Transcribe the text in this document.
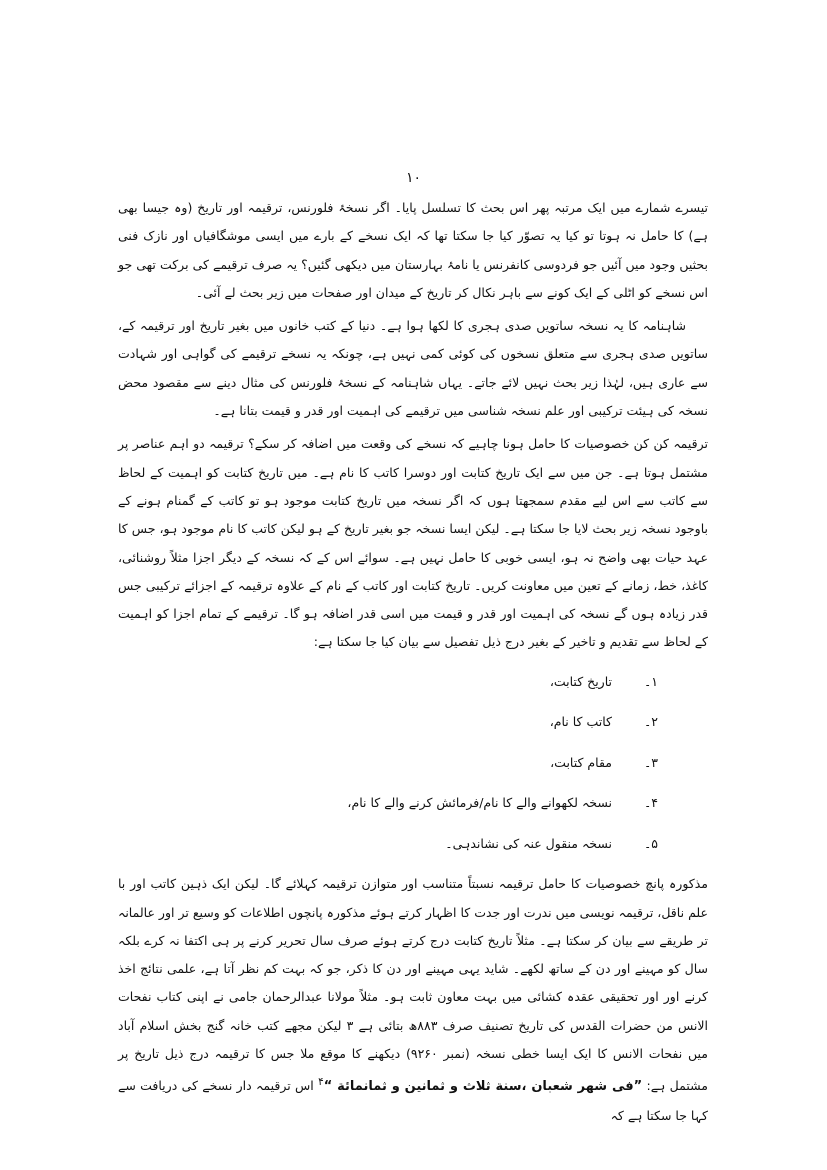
۱۰

تیسرے شمارے میں ایک مرتبہ پھر اس بحث کا تسلسل پایا۔ اگر نسخۂ فلورنس، ترقیمہ اور تاریخ (وہ جیسا بھی ہے) کا حامل نہ ہوتا تو کیا یہ تصوّر کیا جا سکتا تھا کہ ایک نسخے کے بارے میں ایسی موشگافیاں اور نازک فنی بحثیں وجود میں آئیں جو فردوسی کانفرنس یا نامۂ بہارستان میں دیکھی گئیں؟ یہ صرف ترقیمے کی برکت تھی جو اس نسخے کو اٹلی کے ایک کونے سے باہر نکال کر تاریخ کے میدان اور صفحات میں زیر بحث لے آئی۔

شاہنامہ کا یہ نسخہ ساتویں صدی ہجری کا لکھا ہوا ہے۔ دنیا کے کتب خانوں میں بغیر تاریخ اور ترقیمہ کے، ساتویں صدی ہجری سے متعلق نسخوں کی کوئی کمی نہیں ہے، چونکہ یہ نسخے ترقیمے کی گواہی اور شہادت سے عاری ہیں، لہٰذا زیر بحث نہیں لائے جاتے۔ یہاں شاہنامہ کے نسخۂ فلورنس کی مثال دینے سے مقصود محض نسخہ کی ہیئت ترکیبی اور علم نسخہ شناسی میں ترقیمے کی اہمیت اور قدر و قیمت بتانا ہے۔

ترقیمہ کن کن خصوصیات کا حامل ہونا چاہیے کہ نسخے کی وقعت میں اضافہ کر سکے؟ ترقیمہ دو اہم عناصر پر مشتمل ہوتا ہے۔ جن میں سے ایک تاریخ کتابت اور دوسرا کاتب کا نام ہے۔ میں تاریخ کتابت کو اہمیت کے لحاظ سے کاتب سے اس لیے مقدم سمجھتا ہوں کہ اگر نسخہ میں تاریخ کتابت موجود ہو تو کاتب کے گمنام ہونے کے باوجود نسخہ زیر بحث لایا جا سکتا ہے۔ لیکن ایسا نسخہ جو بغیر تاریخ کے ہو لیکن کاتب کا نام موجود ہو، جس کا عہد حیات بھی واضح نہ ہو، ایسی خوبی کا حامل نہیں ہے۔ سوائے اس کے کہ نسخہ کے دیگر اجزا مثلاً روشنائی، کاغذ، خط، زمانے کے تعین میں معاونت کریں۔ تاریخ کتابت اور کاتب کے نام کے علاوہ ترقیمہ کے اجزائے ترکیبی جس قدر زیادہ ہوں گے نسخہ کی اہمیت اور قدر و قیمت میں اسی قدر اضافہ ہو گا۔ ترقیمے کے تمام اجزا کو اہمیت کے لحاظ سے تقدیم و تاخیر کے بغیر درج ذیل تفصیل سے بیان کیا جا سکتا ہے:

۱۔تاریخ کتابت،
۲۔کاتب کا نام،
۳۔مقام کتابت،
۴۔نسخہ لکھوانے والے کا نام/فرمائش کرنے والے کا نام،
۵۔نسخہ منقول عنہ کی نشاندہی۔

مذکورہ پانچ خصوصیات کا حامل ترقیمہ نسبتاً متناسب اور متوازن ترقیمہ کہلائے گا۔ لیکن ایک ذہین کاتب اور با علم ناقل، ترقیمہ نویسی میں ندرت اور جدت کا اظہار کرتے ہوئے مذکورہ پانچوں اطلاعات کو وسیع تر اور عالمانہ تر طریقے سے بیان کر سکتا ہے۔ مثلاً تاریخ کتابت درج کرتے ہوئے صرف سال تحریر کرنے پر ہی اکتفا نہ کرے بلکہ سال کو مہینے اور دن کے ساتھ لکھے۔ شاید یہی مہینے اور دن کا ذکر، جو کہ بہت کم نظر آتا ہے، علمی نتائج اخذ کرنے اور اور تحقیقی عقدہ کشائی میں بہت معاون ثابت ہو۔ مثلاً مولانا عبدالرحمان جامی نے اپنی کتاب نفحات الانس من حضرات القدس کی تاریخ تصنیف صرف ۸۸۳ھ بتائی ہے ۳ لیکن مجھے کتب خانہ گنج بخش اسلام آباد میں نفحات الانس کا ایک ایسا خطی نسخہ (نمبر ۹۲۶۰) دیکھنے کا موقع ملا جس کا ترقیمہ درج ذیل تاریخ پر مشتمل ہے: ”فی شهر شعبان ،سنة ثلاث و ثمانین و ثمانمائة “$^۴$ اس ترقیمہ دار نسخے کی دریافت سے کہا جا سکتا ہے کہ
